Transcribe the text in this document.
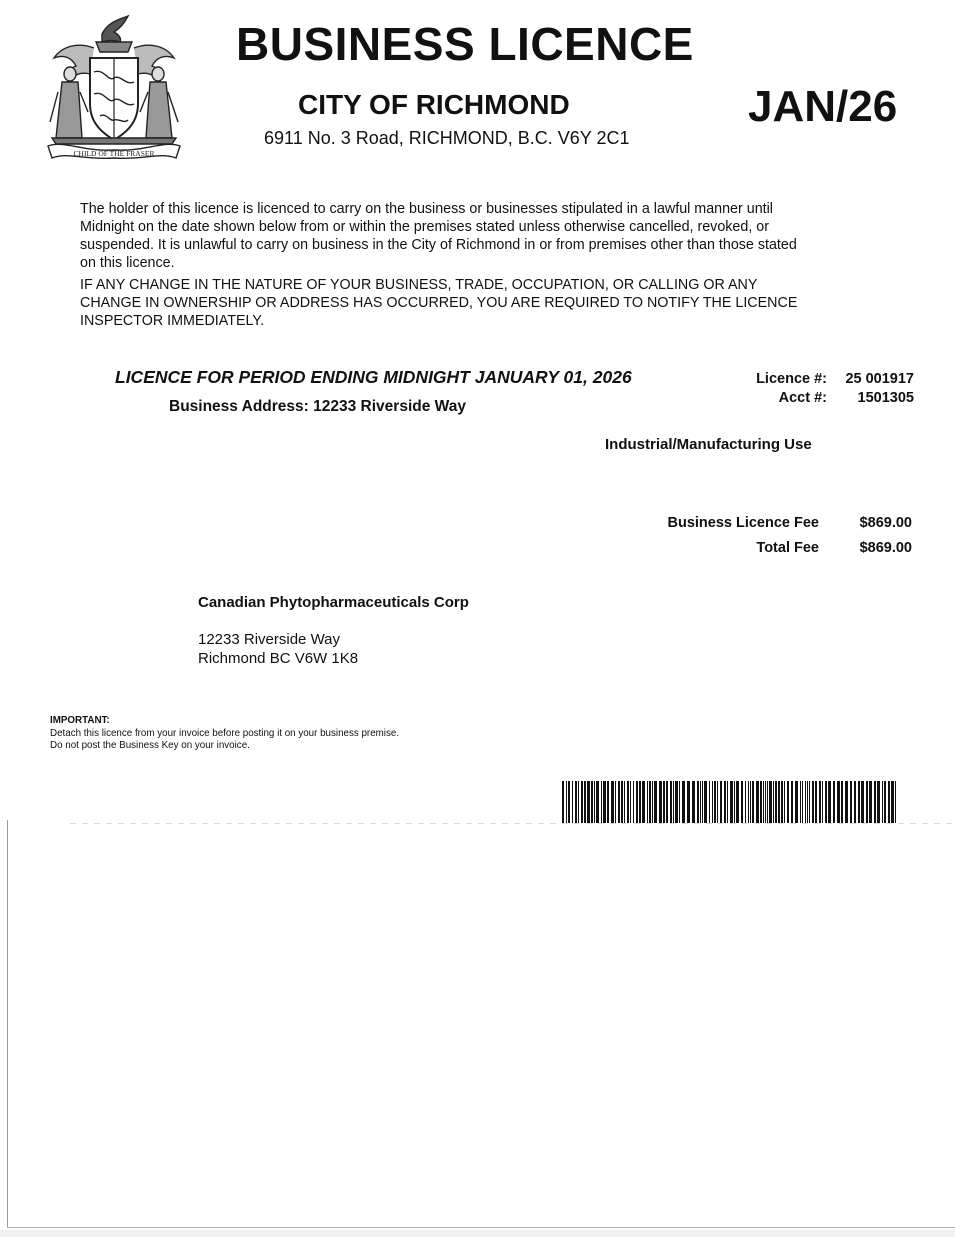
CHILD OF THE FRASER
BUSINESS LICENCE
CITY OF RICHMOND
6911 No. 3 Road, RICHMOND, B.C. V6Y 2C1
JAN/26

The holder of this licence is licenced to carry on the business or businesses stipulated in a lawful manner until Midnight on the date shown below from or within the premises stated unless otherwise cancelled, revoked, or suspended. It is unlawful to carry on business in the City of Richmond in or from premises other than those stated on this licence.

IF ANY CHANGE IN THE NATURE OF YOUR BUSINESS, TRADE, OCCUPATION, OR CALLING OR ANY CHANGE IN OWNERSHIP OR ADDRESS HAS OCCURRED, YOU ARE REQUIRED TO NOTIFY THE LICENCE INSPECTOR IMMEDIATELY.

LICENCE FOR PERIOD ENDING MIDNIGHT JANUARY 01, 2026
Business Address: 12233 Riverside Way
Licence #: 25 001917
Acct #: 1501305
Industrial/Manufacturing Use
Business Licence Fee	$869.00
Total Fee	$869.00
Canadian Phytopharmaceuticals Corp
12233 Riverside Way
Richmond BC V6W 1K8
IMPORTANT:
Detach this licence from your invoice before posting it on your business premise.
Do not post the Business Key on your invoice.
